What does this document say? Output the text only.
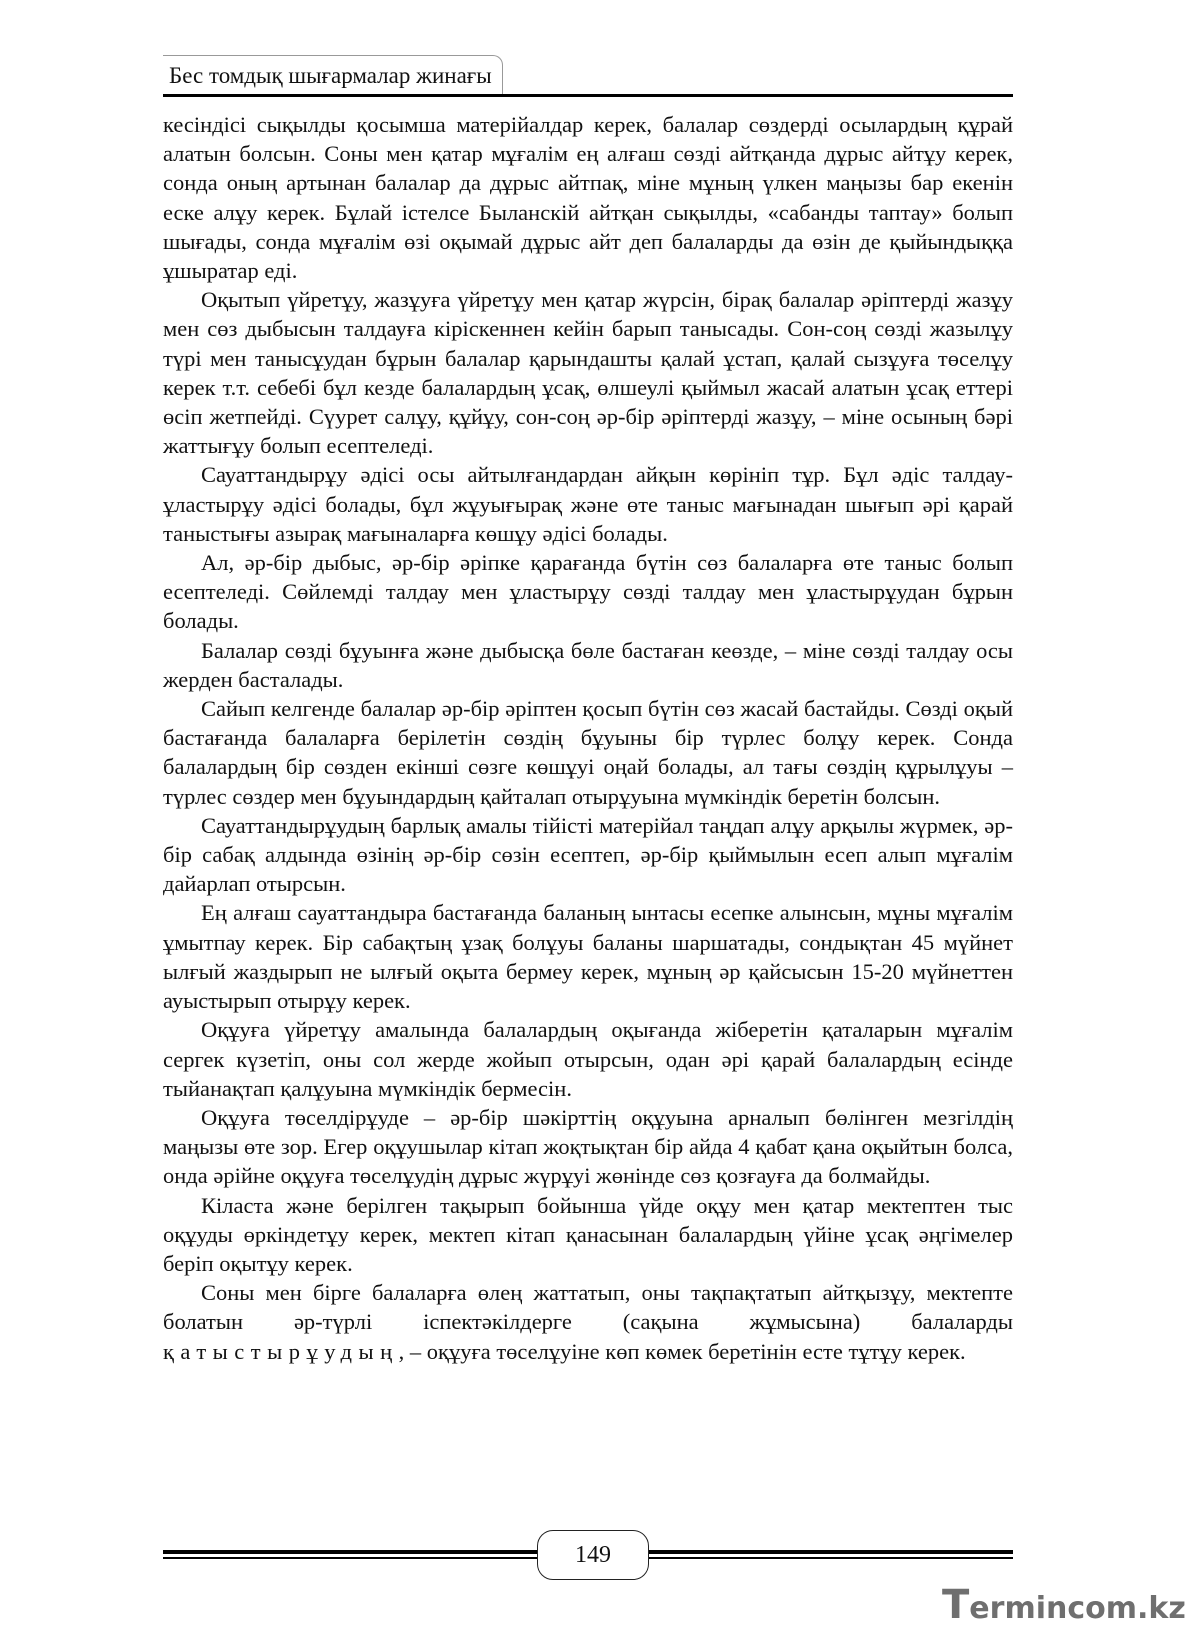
Бес томдық шығармалар жинағы

кесіндісі сықылды қосымша матерійалдар керек, балалар сөздерді осылардың құрай алатын болсын. Соны мен қатар мұғалім ең алғаш сөзді айтқанда дұрыс айтұу керек, сонда оның артынан балалар да дұрыс айтпақ, міне мұның үлкен маңызы бар екенін еске алұу керек. Бұлай істелсе Быланскій айтқан сықылды, «сабанды таптау» болып шығады, сонда мұғалім өзі оқымай дұрыс айт деп балаларды да өзін де қыйындыққа ұшыратар еді.

Оқытып үйретұу, жазұуға үйретұу мен қатар жүрсін, бірақ балалар әріптерді жазұу мен сөз дыбысын талдауға кірiскеннен кейін барып таныcады. Сон-соң сөзді жазылұу түрі мен танысұудан бұрын балалар қарындашты қалай ұстап, қалай сызұуға төселұу керек т.т. себебі бұл кезде балалардың ұсақ, өлшеулі қыймыл жасай алатын ұсақ еттері өсіп жетпейді. Сүурет салұу, құйұу, сон-соң әр-бір әріптерді жазұу, – міне осының бәрі жаттығұу болып есептеледі.

Сауаттандырұу әдісі осы айтылғандардан айқын көрініп тұр. Бұл әдіс талдау-ұластырұу әдісі болады, бұл жұуығырақ және өте таныс мағынадан шығып әрі қарай таныстығы азырақ мағыналарға көшұу әдісі болады.

Ал, әр-бір дыбыс, әр-бір әріпке қарағанда бүтін сөз балаларға өте таныс болып есептеледі. Сөйлемді талдау мен ұластырұу сөзді талдау мен ұластырұудан бұрын болады.

Балалар сөзді бұуынға және дыбысқа бөле бастаған кеөзде, – міне сөзді талдау осы жерден басталады.

Сайып келгенде балалар әр-бір әріптен қосып бүтін сөз жасай бастайды. Сөзді оқый бастағанда балаларға берілетін сөздің бұуыны бір түрлес болұу керек. Сонда балалардың бір сөзден екінші сөзге көшұуі оңай болады, ал тағы сөздің құрылұуы – түрлес сөздер мен бұуындардың қайталап отырұуына мүмкіндік беретін болсын.

Сауаттандырұудың барлық амалы тійісті матерійал таңдап алұу арқылы жүрмек, әр-бір сабақ алдында өзінің әр-бір сөзін есептеп, әр-бір қыймылын есеп алып мұғалім дайарлап отырсын.

Ең алғаш сауаттандыра бастағанда баланың ынтасы есепке алынсын, мұны мұғалім ұмытпау керек. Бір сабақтың ұзақ болұуы баланы шаршатады, сондықтан 45 мүйнет ылғый жаздырып не ылғый оқыта бермеу керек, мұның әр қайсысын 15-20 мүйнеттен ауыстырып отырұу керек.

Оқұуға үйретұу амалында балалардың оқығанда жіберетін қаталарын мұғалім сергек күзетіп, оны сол жерде жойып отырсын, одан әрі қарай балалардың есінде тыйанақтап қалұуына мүмкіндік бермесін.

Оқұуға төселдірұуде – әр-бір шәкірттің оқұуына арналып бөлінген мезгілдің маңызы өте зор. Егер оқұушылар кітап жоқтықтан бір айда 4 қабат қана оқыйтын болса, онда әрійне оқұуға төселұудің дұрыс жүрұуі жөнінде сөз қозғауға да болмайды.

Кіласта және берілген тақырып бойынша үйде оқұу мен қатар мектептен тыс оқұуды өркіндетұу керек, мектеп кітап қанасынан балалардың үйіне ұсақ әңгімелер беріп оқытұу керек.

Соны мен бірге балаларға өлең жаттатып, оны тақпақтатып айтқызұу, мектепте болатын әр-түрлі іспектәкілдерге (сақына жұмысына) балаларды қатыстырұудың, – оқұуға төселұуіне көп көмек беретінін есте тұтұу керек.

149
Termincom.kz
